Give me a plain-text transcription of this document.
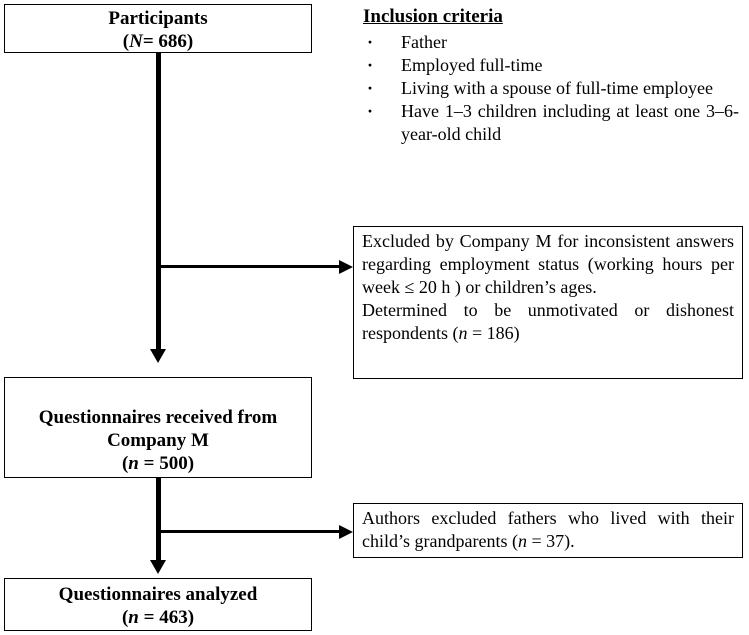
Participants
(N= 686)
Inclusion criteria
· Father
· Employed full-time
· Living with a spouse of full-time employee
· Have 1–3 children including at least one 3–6-year-old child
Excluded by Company M for inconsistent answers regarding employment status (working hours per week ≤ 20 h ) or children’s ages.
Determined to be unmotivated or dishonest respondents (n = 186)
Questionnaires received from Company M
(n = 500)
Authors excluded fathers who lived with their child’s grandparents (n = 37).
Questionnaires analyzed
(n = 463)
